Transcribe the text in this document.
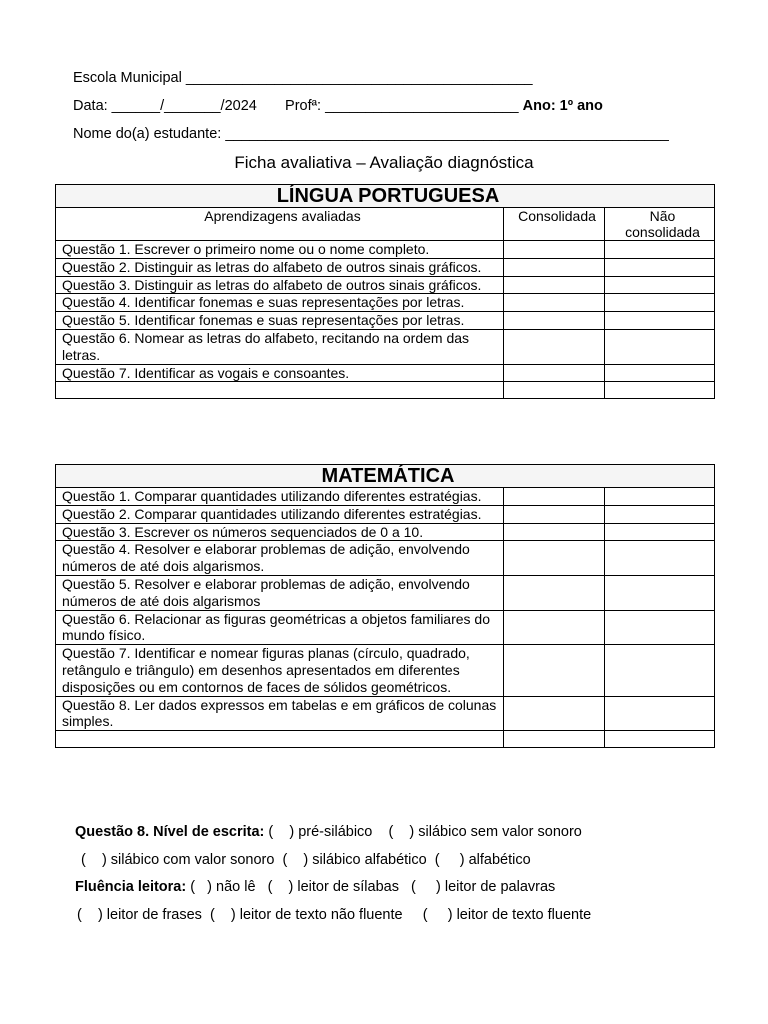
Escola Municipal ___________________________________________
Data: ______/_______/2024 Profª: ________________________ Ano: 1º ano
Nome do(a) estudante: _______________________________________________________
Ficha avaliativa – Avaliação diagnóstica
LÍNGUA PORTUGUESA		
Aprendizagens avaliadas	Consolidada	Não consolidada
Questão 1. Escrever o primeiro nome ou o nome completo.		
Questão 2. Distinguir as letras do alfabeto de outros sinais gráficos.		
Questão 3. Distinguir as letras do alfabeto de outros sinais gráficos.		
Questão 4. Identificar fonemas e suas representações por letras.		
Questão 5. Identificar fonemas e suas representações por letras.		
Questão 6. Nomear as letras do alfabeto, recitando na ordem das letras.		
Questão 7. Identificar as vogais e consoantes.		

MATEMÁTICA		
Questão 1. Comparar quantidades utilizando diferentes estratégias.		
Questão 2. Comparar quantidades utilizando diferentes estratégias.		
Questão 3. Escrever os números sequenciados de 0 a 10.		
Questão 4. Resolver e elaborar problemas de adição, envolvendo números de até dois algarismos.		
Questão 5. Resolver e elaborar problemas de adição, envolvendo números de até dois algarismos		
Questão 6. Relacionar as figuras geométricas a objetos familiares do mundo físico.		
Questão 7. Identificar e nomear figuras planas (círculo, quadrado, retângulo e triângulo) em desenhos apresentados em diferentes disposições ou em contornos de faces de sólidos geométricos.		
Questão 8. Ler dados expressos em tabelas e em gráficos de colunas simples.		

Questão 8. Nível de escrita: (    ) pré-silábico    (    ) silábico sem valor sonoro
(    ) silábico com valor sonoro  (    ) silábico alfabético  (     ) alfabético
Fluência leitora: (   ) não lê   (    ) leitor de sílabas   (     ) leitor de palavras
(    ) leitor de frases  (    ) leitor de texto não fluente     (     ) leitor de texto fluente
